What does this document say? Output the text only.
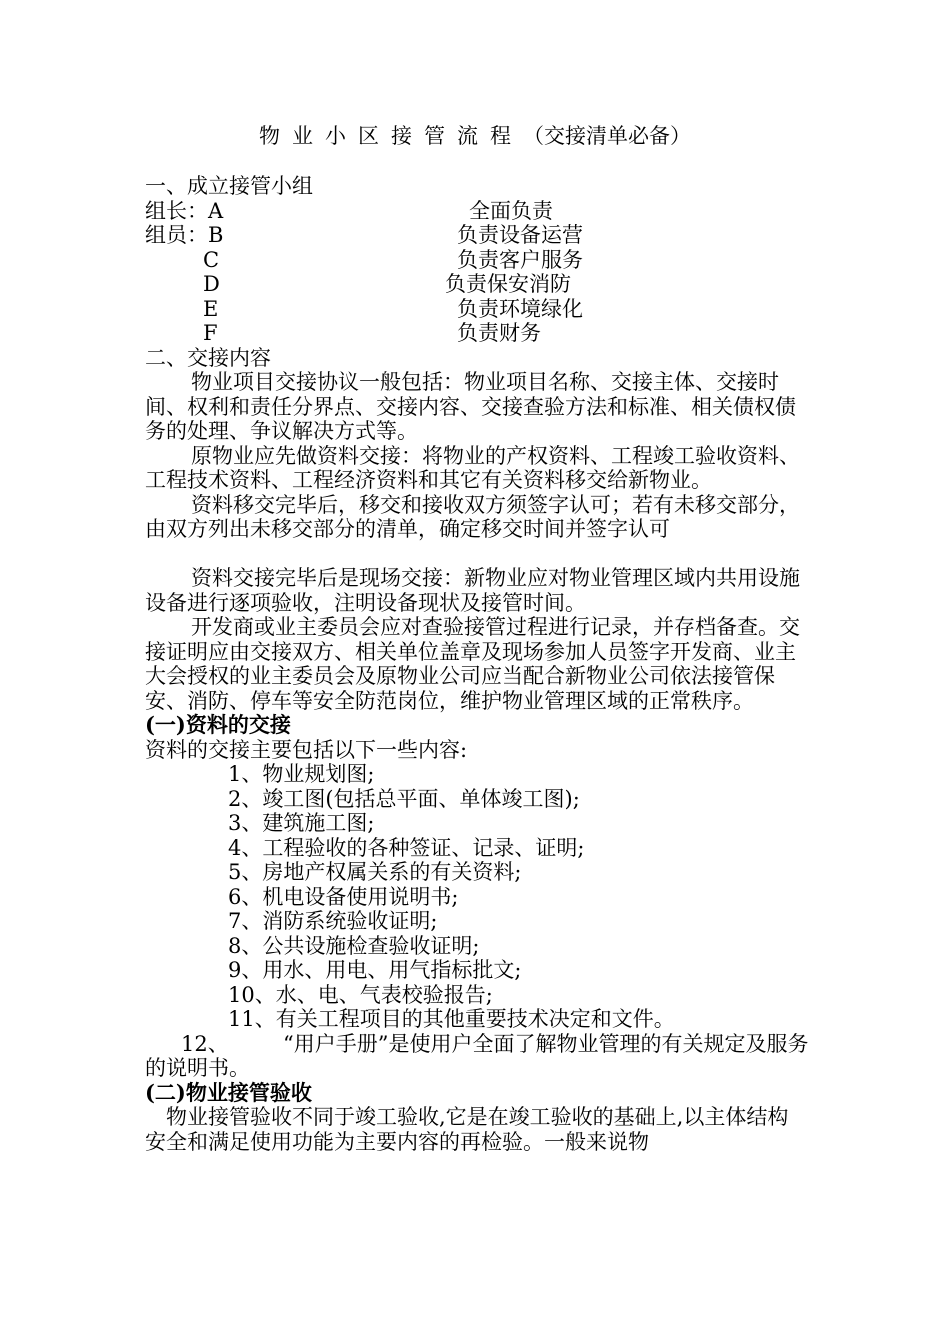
物业小区接管流程（交接清单必备）

一、成立接管小组

组长：A	全面负责
组员：B	负责设备运营
C	负责客户服务
D	负责保安消防
E	负责环境绿化
F	负责财务

二、交接内容

物业项目交接协议一般包括：物业项目名称、交接主体、交接时间、权利和责任分界点、交接内容、交接查验方法和标准、相关债权债务的处理、争议解决方式等。

原物业应先做资料交接：将物业的产权资料、工程竣工验收资料、工程技术资料、工程经济资料和其它有关资料移交给新物业。

资料移交完毕后，移交和接收双方须签字认可；若有未移交部分，由双方列出未移交部分的清单，确定移交时间并签字认可

资料交接完毕后是现场交接：新物业应对物业管理区域内共用设施设备进行逐项验收，注明设备现状及接管时间。

开发商或业主委员会应对查验接管过程进行记录，并存档备查。交接证明应由交接双方、相关单位盖章及现场参加人员签字开发商、业主大会授权的业主委员会及原物业公司应当配合新物业公司依法接管保安、消防、停车等安全防范岗位，维护物业管理区域的正常秩序。

(一)资料的交接

资料的交接主要包括以下一些内容:

1、物业规划图;

2、竣工图(包括总平面、单体竣工图);

3、建筑施工图;

4、工程验收的各种签证、记录、证明;

5、房地产权属关系的有关资料;

6、机电设备使用说明书;

7、消防系统验收证明;

8、公共设施检查验收证明;

9、用水、用电、用气指标批文;

10、水、电、气表校验报告;

11、有关工程项目的其他重要技术决定和文件。

12、	“用户手册”是使用户全面了解物业管理的有关规定及服务的说明书。

(二)物业接管验收

物业接管验收不同于竣工验收,它是在竣工验收的基础上,以主体结构安全和满足使用功能为主要内容的再检验。一般来说物
